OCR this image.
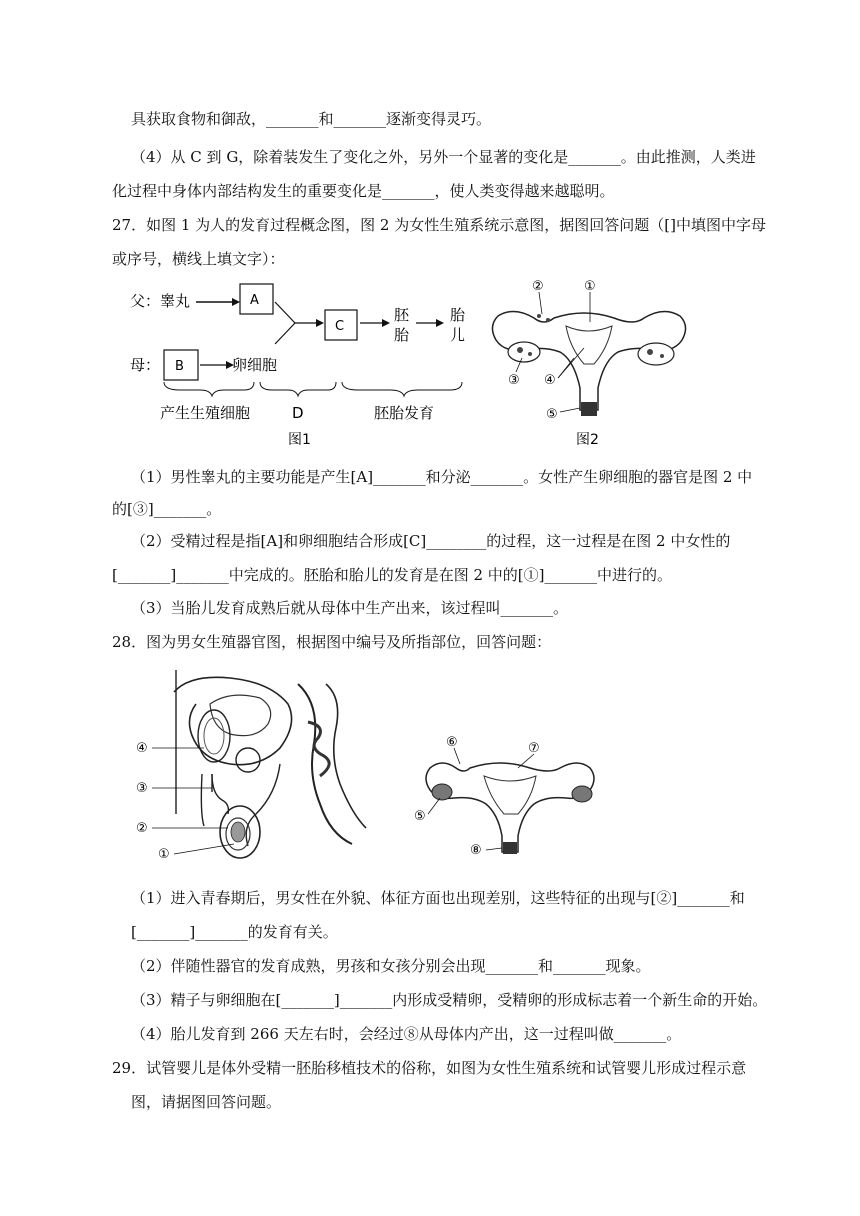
具获取食物和御敌，_______和_______逐渐变得灵巧。
（4）从 C 到 G，除着装发生了变化之外，另外一个显著的变化是_______。由此推测，人类进
化过程中身体内部结构发生的重要变化是_______，使人类变得越来越聪明。
27．如图 1 为人的发育过程概念图，图 2 为女性生殖系统示意图，据图回答问题（[]中填图中字母
或序号，横线上填文字）：
父：睾丸	A
C
胚
胎
胎
儿
母： B	卵细胞
产生生殖细胞	D	胚胎发育
图1
②	①
③ ④
⑤
图2
（1）男性睾丸的主要功能是产生[A]_______和分泌_______。女性产生卵细胞的器官是图 2 中
的[③]_______。
（2）受精过程是指[A]和卵细胞结合形成[C]________的过程，这一过程是在图 2 中女性的
[_______]_______中完成的。胚胎和胎儿的发育是在图 2 中的[①]_______中进行的。
（3）当胎儿发育成熟后就从母体中生产出来，该过程叫_______。
28．图为男女生殖器官图，根据图中编号及所指部位，回答问题：
④
③
②
①
⑥	⑦
⑤
⑧
（1）进入青春期后，男女性在外貌、体征方面也出现差别，这些特征的出现与[②]_______和
[_______]_______的发育有关。
（2）伴随性器官的发育成熟，男孩和女孩分别会出现_______和_______现象。
（3）精子与卵细胞在[_______]_______内形成受精卵，受精卵的形成标志着一个新生命的开始。
（4）胎儿发育到 266 天左右时，会经过⑧从母体内产出，这一过程叫做_______。
29．试管婴儿是体外受精一胚胎移植技术的俗称，如图为女性生殖系统和试管婴儿形成过程示意
图，请据图回答问题。
